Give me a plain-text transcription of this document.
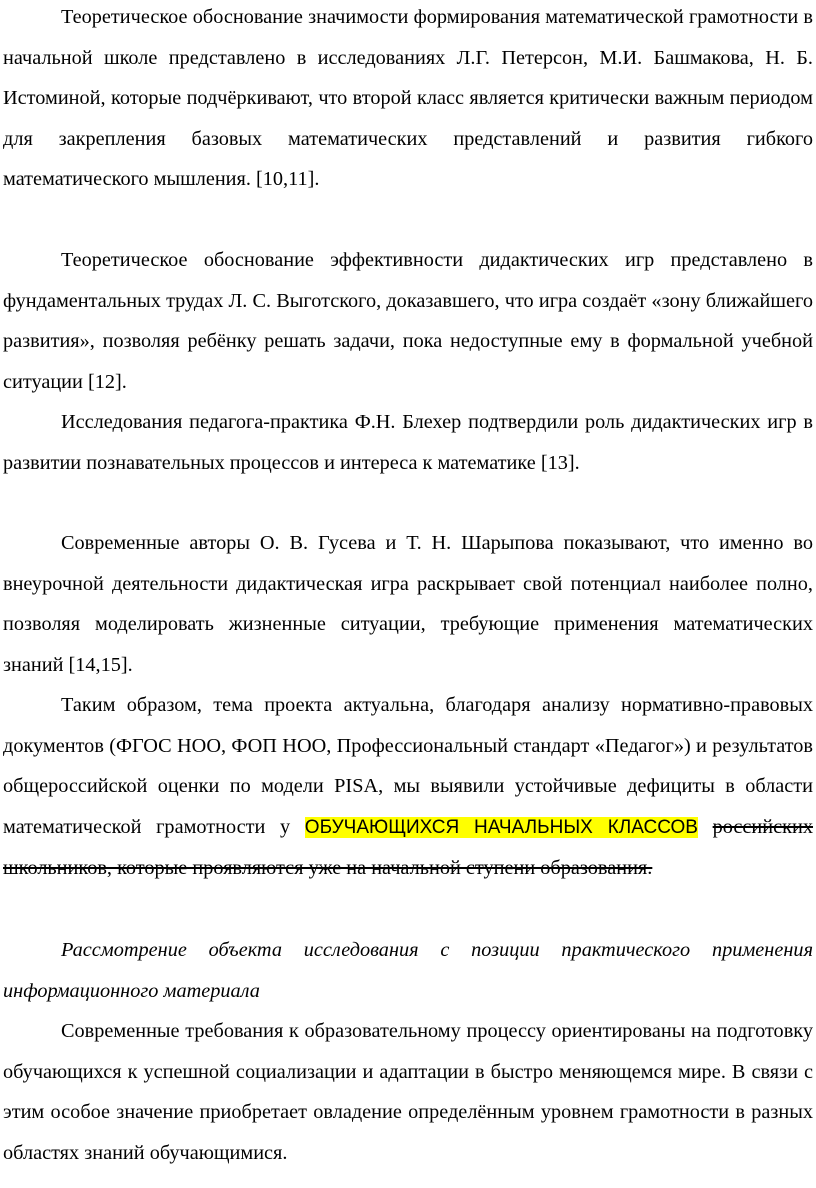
Теоретическое обоснование значимости формирования математической грамотности в начальной школе представлено в исследованиях Л.Г. Петерсон, М.И. Башмакова, Н. Б. Истоминой, которые подчёркивают, что второй класс является критически важным периодом для закрепления базовых математических представлений и развития гибкого математического мышления. [10,11].

Теоретическое обоснование эффективности дидактических игр представлено в фундаментальных трудах Л. С. Выготского, доказавшего, что игра создаёт «зону ближайшего развития», позволяя ребёнку решать задачи, пока недоступные ему в формальной учебной ситуации [12].

Исследования педагога-практика Ф.Н. Блехер подтвердили роль дидактических игр в развитии познавательных процессов и интереса к математике [13].

Современные авторы О. В. Гусева и Т. Н. Шарыпова показывают, что именно во внеурочной деятельности дидактическая игра раскрывает свой потенциал наиболее полно, позволяя моделировать жизненные ситуации, требующие применения математических знаний [14,15].

Таким образом, тема проекта актуальна, благодаря анализу нормативно-правовых документов (ФГОС НОО, ФОП НОО, Профессиональный стандарт «Педагог») и результатов общероссийской оценки по модели PISA, мы выявили устойчивые дефициты в области математической грамотности у ОБУЧАЮЩИХСЯ НАЧАЛЬНЫХ КЛАССОВ российских школьников, которые проявляются уже на начальной ступени образования.

Рассмотрение объекта исследования с позиции практического применения информационного материала

Современные требования к образовательному процессу ориентированы на подготовку обучающихся к успешной социализации и адаптации в быстро меняющемся мире. В связи с этим особое значение приобретает овладение определённым уровнем грамотности в разных областях знаний обучающимися.
